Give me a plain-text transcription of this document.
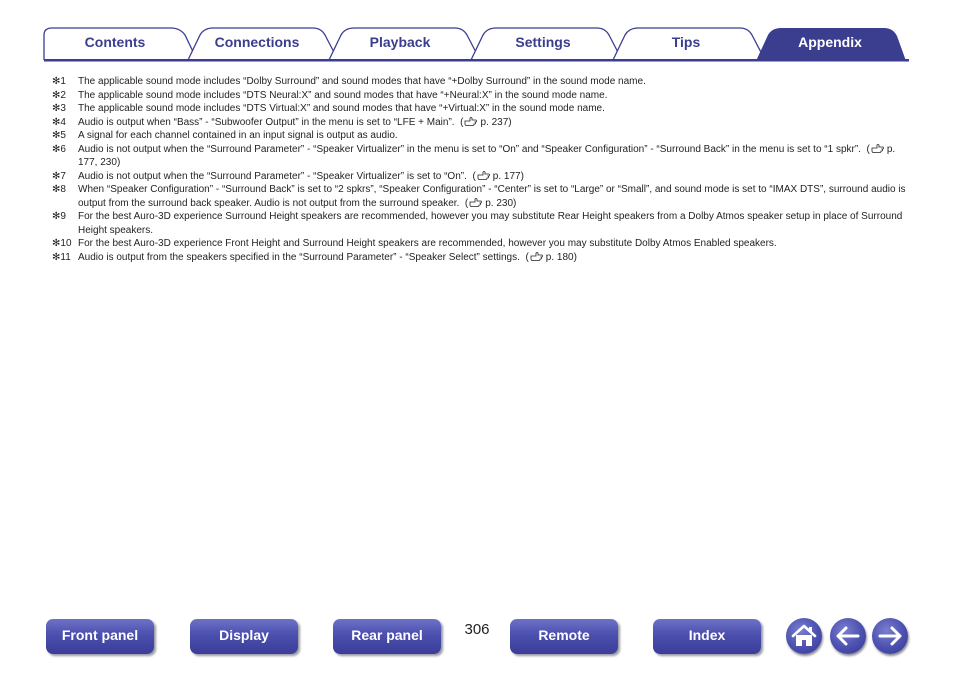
Contents	Connections	Playback	Settings	Tips	Appendix
✻1	The applicable sound mode includes “Dolby Surround” and sound modes that have “+Dolby Surround” in the sound mode name.
✻2	The applicable sound mode includes “DTS Neural:X” and sound modes that have “+Neural:X” in the sound mode name.
✻3	The applicable sound mode includes “DTS Virtual:X” and sound modes that have “+Virtual:X” in the sound mode name.
✻4	Audio is output when “Bass” - “Subwoofer Output” in the menu is set to “LFE + Main”.  ( p. 237)
✻5	A signal for each channel contained in an input signal is output as audio.
✻6	Audio is not output when the “Surround Parameter” - “Speaker Virtualizer” in the menu is set to “On” and “Speaker Configuration” - “Surround Back” in the menu is set to “1 spkr”.  ( p. 177, 230)
✻7	Audio is not output when the “Surround Parameter” - “Speaker Virtualizer” is set to “On”.  ( p. 177)
✻8	When “Speaker Configuration” - “Surround Back” is set to “2 spkrs”, “Speaker Configuration” - “Center” is set to “Large” or “Small”, and sound mode is set to “IMAX DTS”, surround audio is output from the surround back speaker. Audio is not output from the surround speaker.  ( p. 230)
✻9	For the best Auro-3D experience Surround Height speakers are recommended, however you may substitute Rear Height speakers from a Dolby Atmos speaker setup in place of Surround Height speakers.
✻10 For the best Auro-3D experience Front Height and Surround Height speakers are recommended, however you may substitute Dolby Atmos Enabled speakers.
✻11 Audio is output from the speakers specified in the “Surround Parameter” - “Speaker Select” settings.  ( p. 180)
Front panel	Display	Rear panel	306	Remote	Index
